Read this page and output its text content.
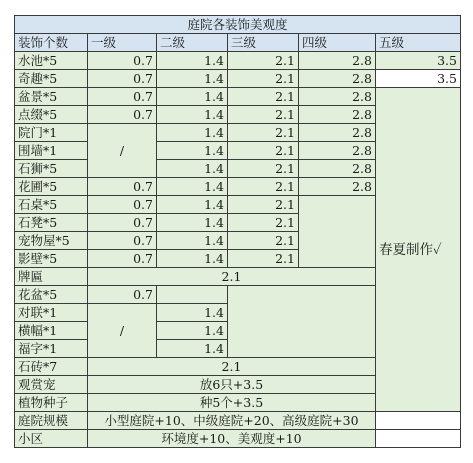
庭院各装饰美观度					
装饰个数	一级	二级	三级	四级	五级
水池*5	0.7	1.4	2.1	2.8	3.5
奇趣*5	0.7	1.4	2.1	2.8	3.5
盆景*5	0.7	1.4	2.1	2.8	春夏制作✓
点缀*5	0.7	1.4	2.1	2.8	
院门*1	/	1.4	2.1	2.8	
围墙*1		1.4	2.1	2.8	
石狮*5		1.4	2.1	2.8	
花圃*5	0.7	1.4	2.1	2.8	
石桌*5	0.7	1.4	2.1		
石凳*5	0.7	1.4	2.1		
宠物屋*5	0.7	1.4	2.1		
影壁*5	0.7	1.4	2.1		
牌匾	2.1				
花盆*5	0.7				
对联*1	/	1.4			
横幅*1		1.4			
福字*1		1.4			
石砖*7	2.1				
观赏宠	放6只+3.5				
植物种子	种5个+3.5				
庭院规模	小型庭院+10、中级庭院+20、高级庭院+30				
小区	环境度+10、美观度+10				
